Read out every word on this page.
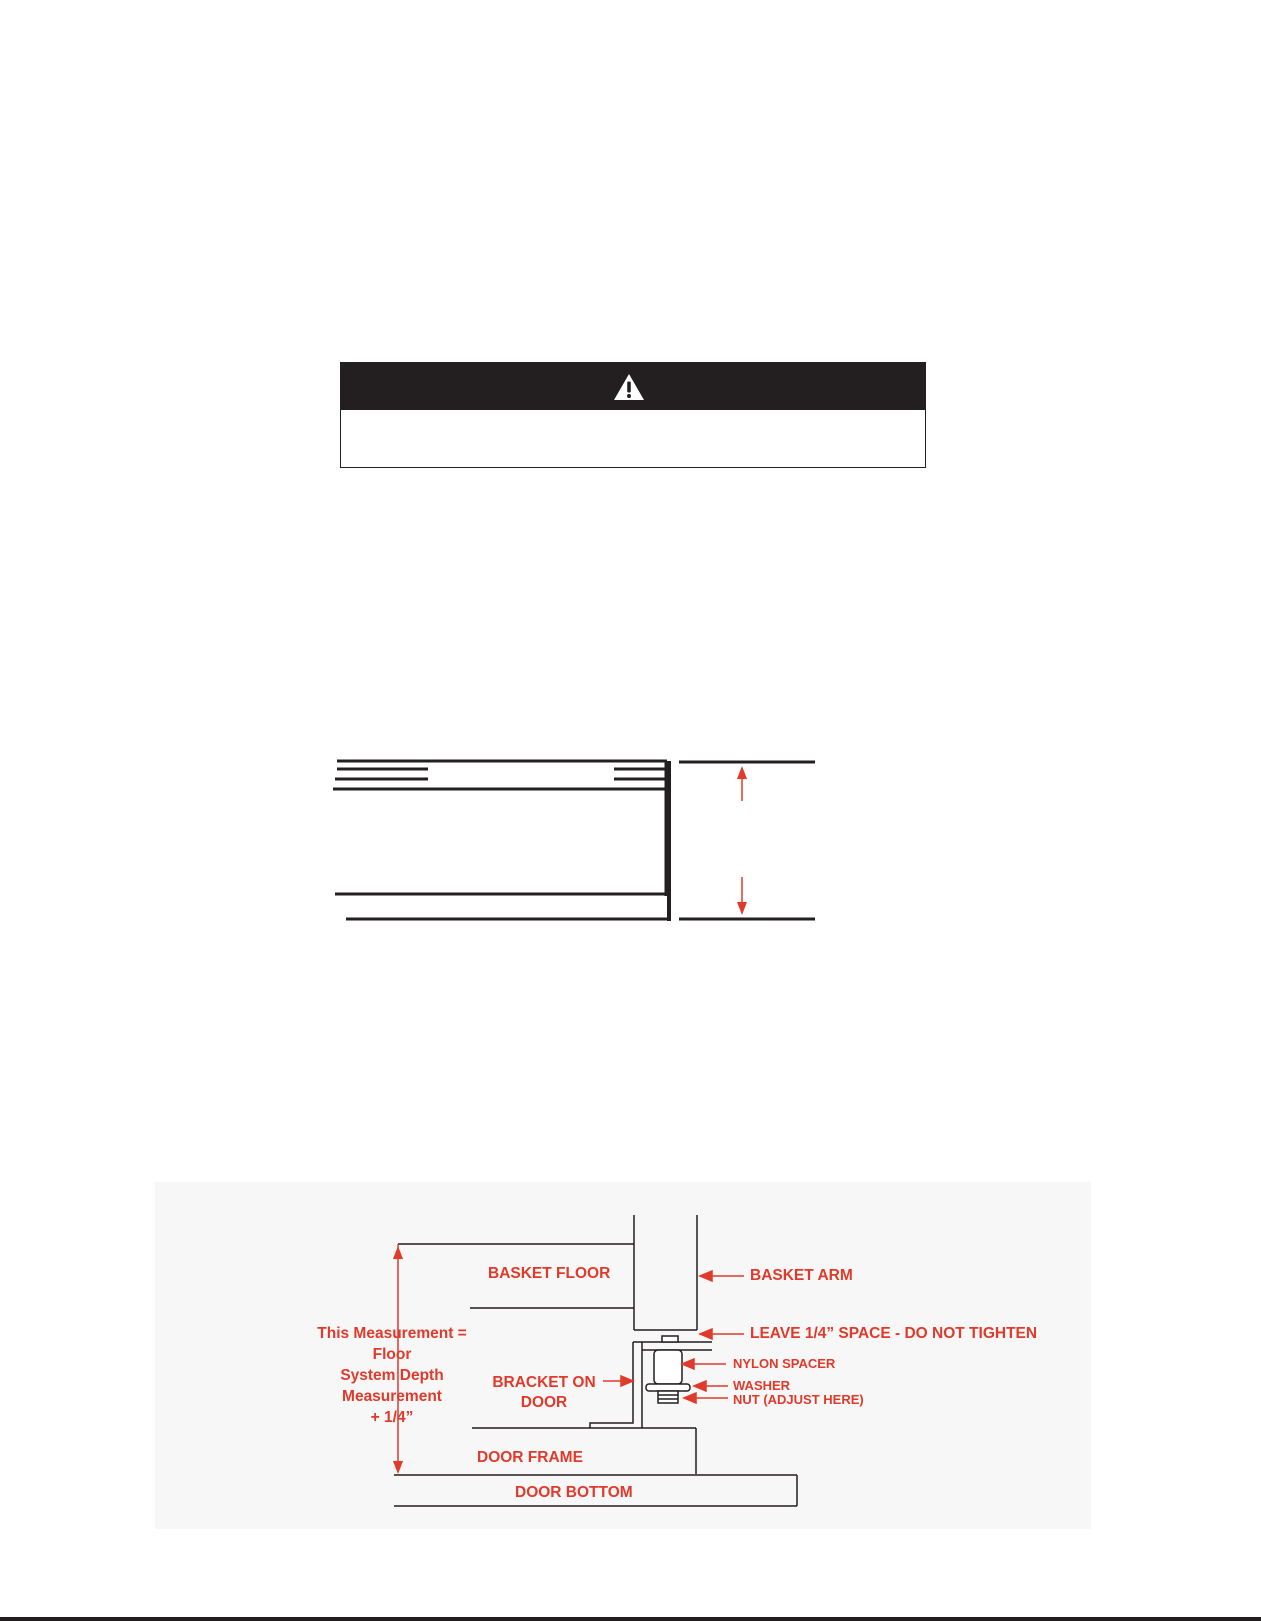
BASKET FLOOR	BASKET ARM
LEAVE 1/4” SPACE - DO NOT TIGHTEN
NYLON SPACER
WASHER
NUT (ADJUST HERE)
BRACKET ON
DOOR
DOOR FRAME
DOOR BOTTOM
This Measurement =
Floor
System Depth
Measurement
+ 1/4”
